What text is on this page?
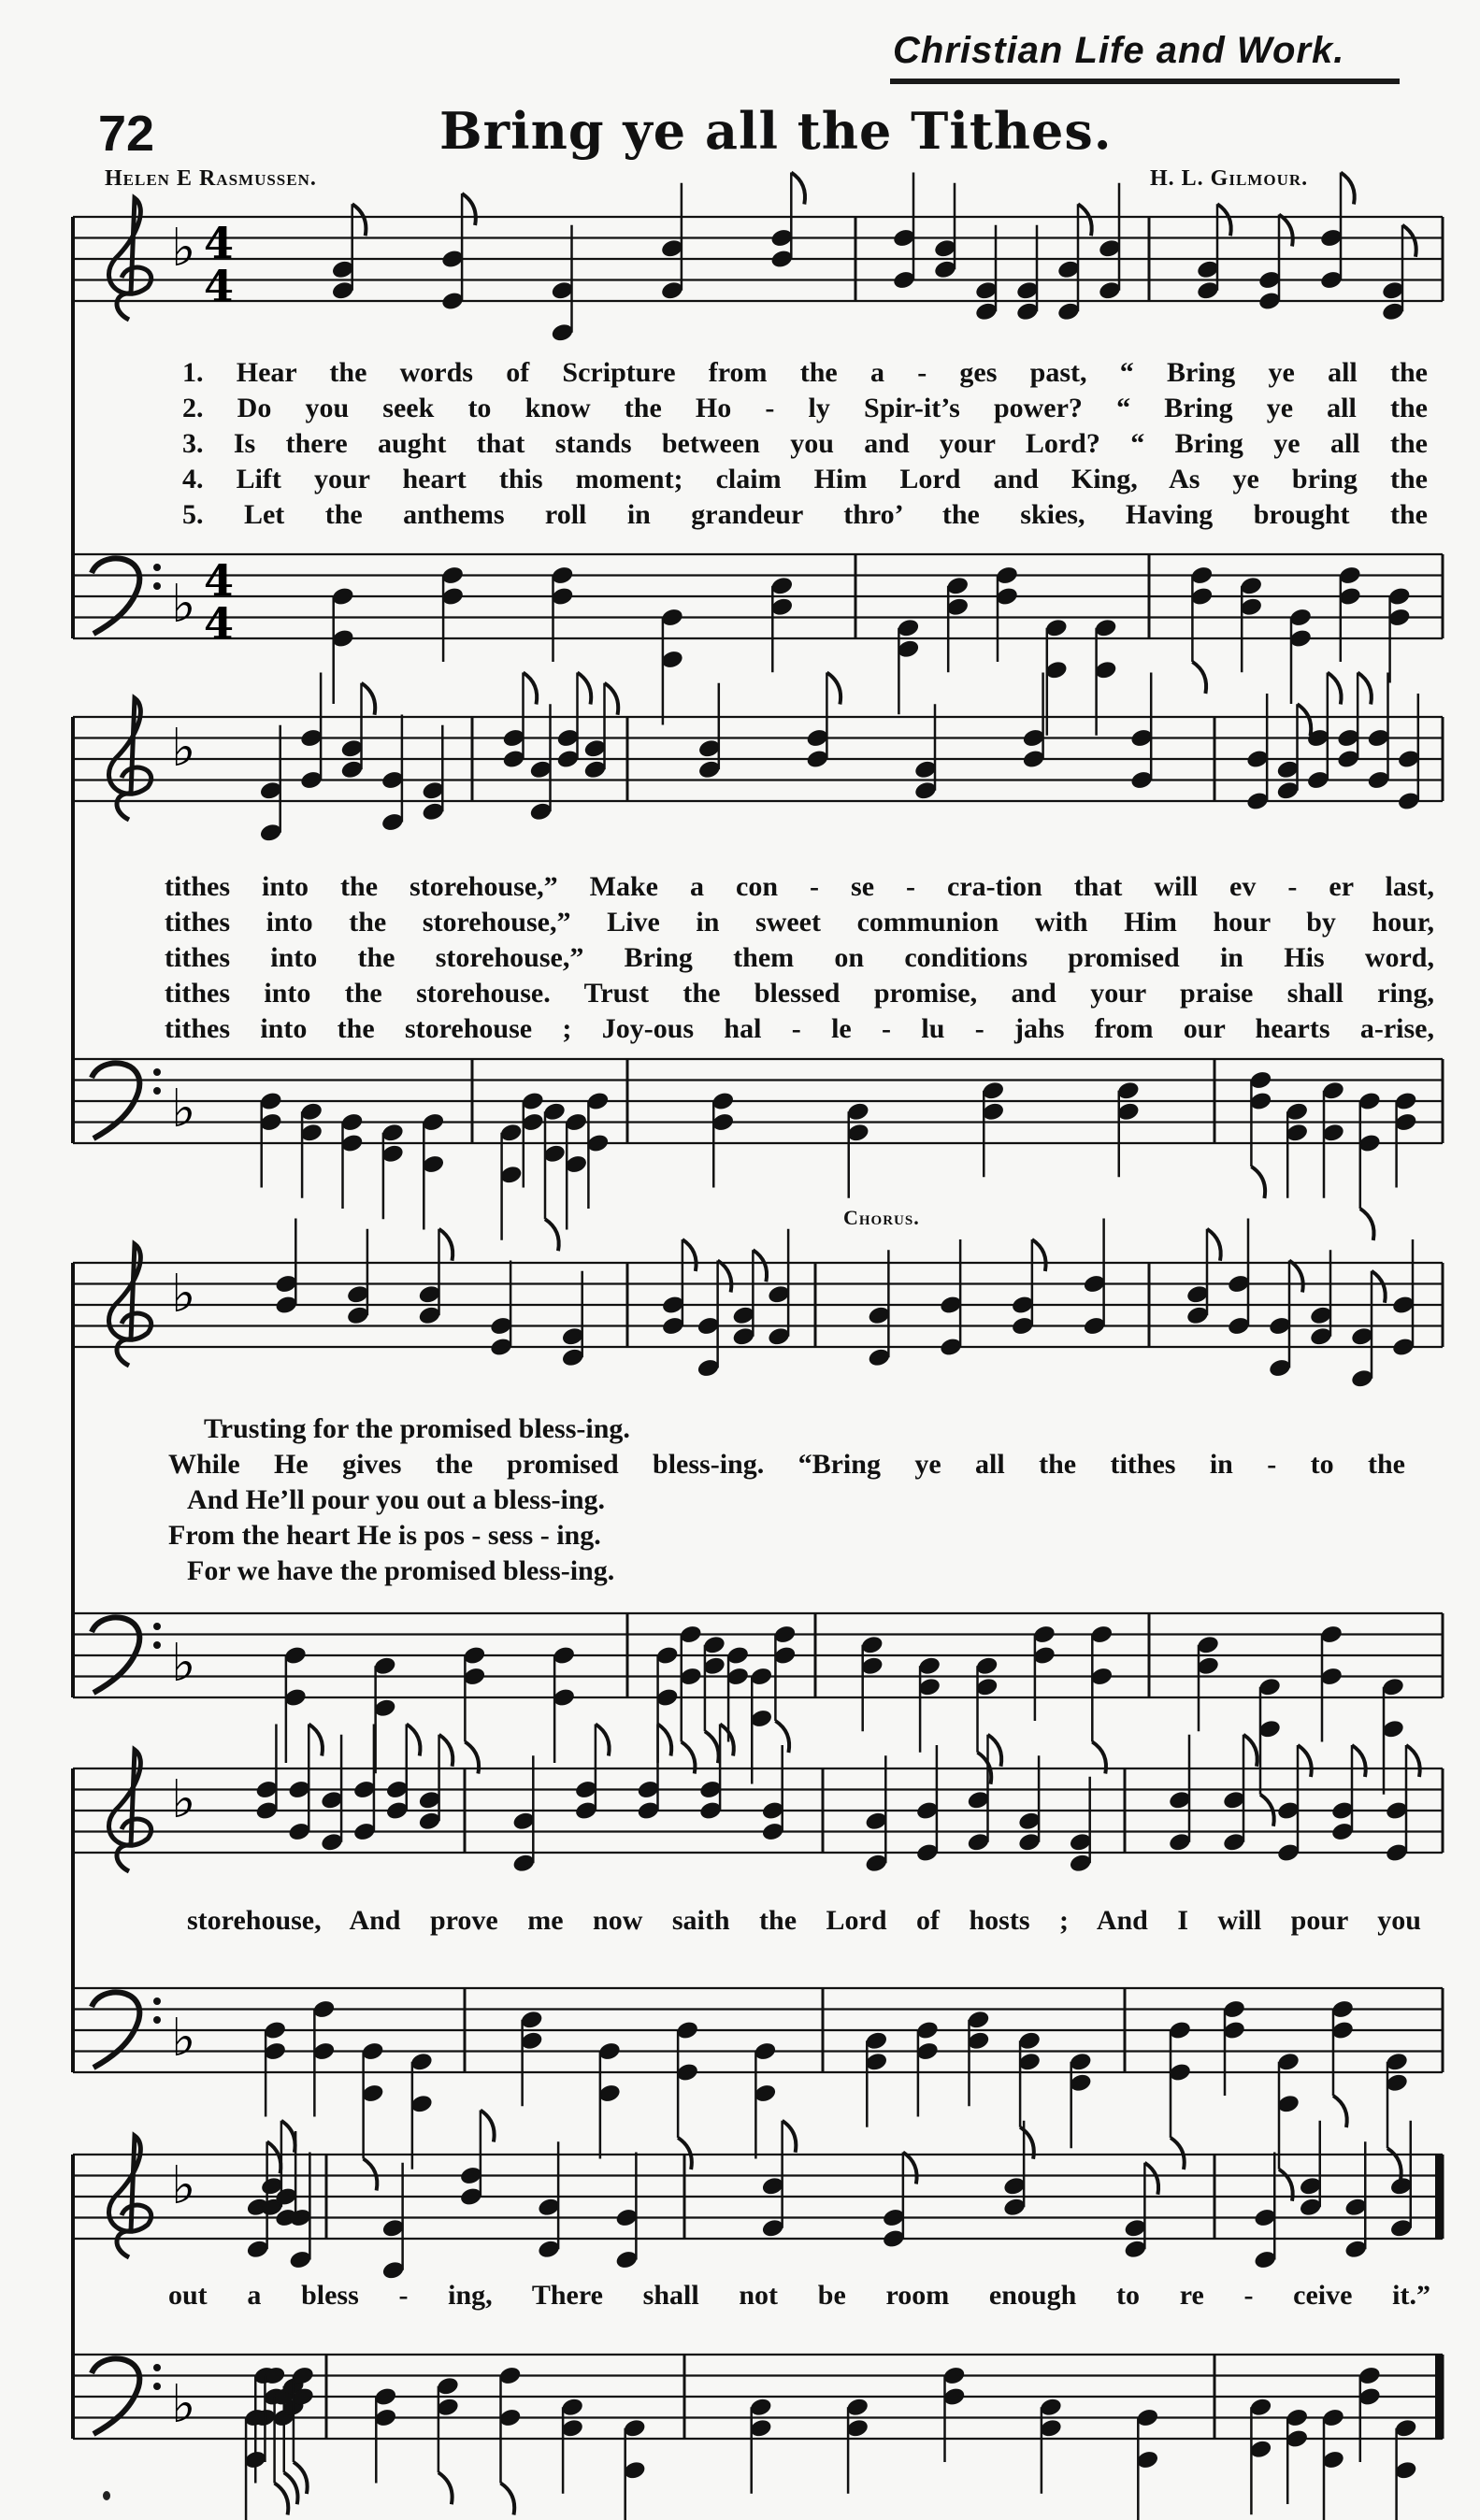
♭ 4
4
♭ 4
4
♭
♭
♭
♭
♭
♭
♭
♭
Christian Life and Work.
72	Bring ye all the Tithes.
Helen E Rasmussen.	H. L. Gilmour.
1. Hear the words of Scripture from the a - ges past, “ Bring ye all the
2. Do you seek to know the Ho - ly Spir-it’s power? “ Bring ye all the
3. Is there aught that stands between you and your Lord? “ Bring ye all the
4. Lift your heart this moment; claim Him Lord and King, As ye bring the
5. Let the anthems roll in grandeur thro’ the skies, Having brought the
tithes into the storehouse,” Make a con - se - cra-tion that will ev - er last,
tithes into the storehouse,” Live in sweet communion with Him hour by hour,
tithes into the storehouse,” Bring them on conditions promised in His word,
tithes into the storehouse. Trust the blessed promise, and your praise shall ring,
tithes into the storehouse ; Joy-ous hal - le - lu - jahs from our hearts a-rise,
Chorus.
Trusting for the promised bless-ing.
While He gives the promised bless-ing. “Bring ye all the tithes in - to the
And He’ll pour you out a bless-ing.
From the heart He is pos - sess - ing.
For we have the promised bless-ing.
storehouse, And prove me now saith the Lord of hosts ; And I will pour you
out a bless - ing, There shall not be room enough to re - ceive it.”
